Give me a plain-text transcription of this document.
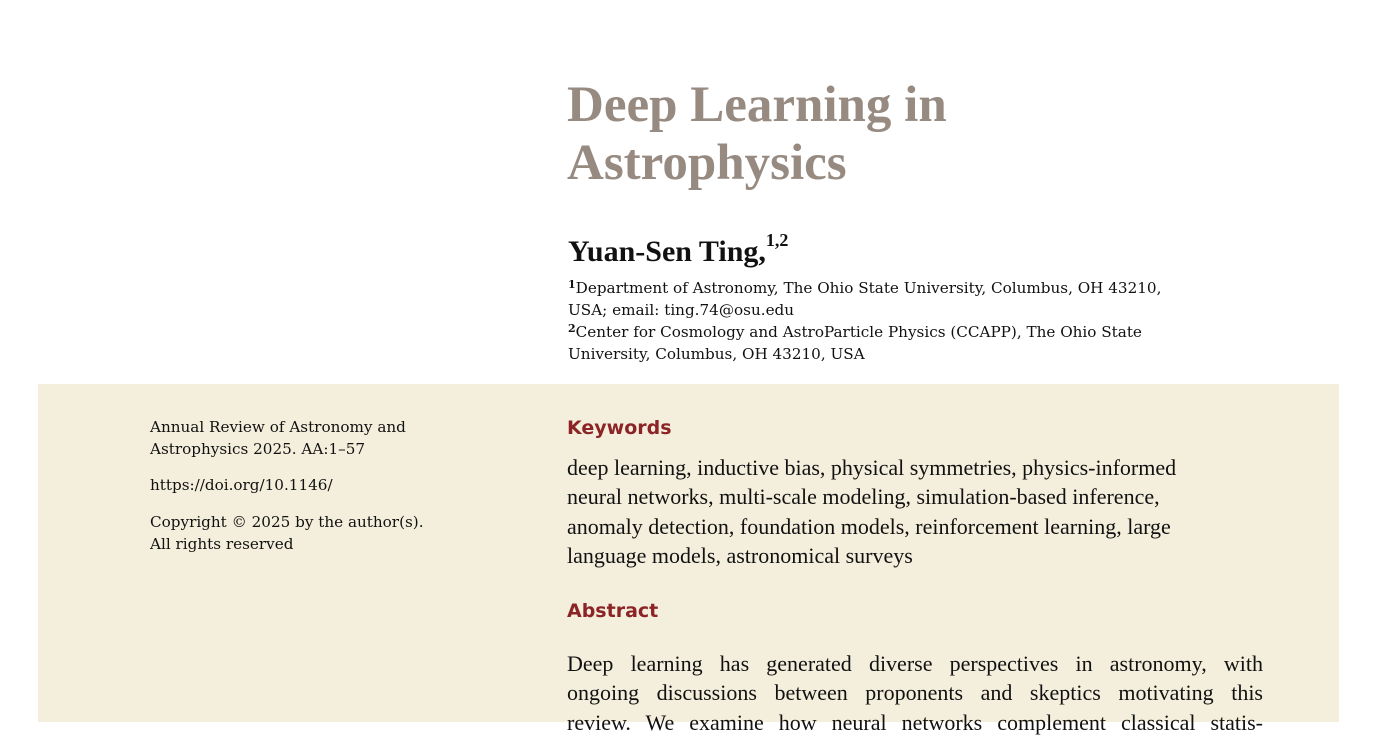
Deep Learning in
Astrophysics
Yuan-Sen Ting,$^{1,2}$
$^1$Department of Astronomy, The Ohio State University, Columbus, OH 43210,
USA; email: ting.74@osu.edu
$^2$Center for Cosmology and AstroParticle Physics (CCAPP), The Ohio State
University, Columbus, OH 43210, USA
Annual Review of Astronomy and
Astrophysics 2025. AA:1–57
https://doi.org/10.1146/
Copyright © 2025 by the author(s).
All rights reserved
Keywords
deep learning, inductive bias, physical symmetries, physics-informed
neural networks, multi-scale modeling, simulation-based inference,
anomaly detection, foundation models, reinforcement learning, large
language models, astronomical surveys
Abstract
Deep learning has generated diverse perspectives in astronomy, with
ongoing discussions between proponents and skeptics motivating this
review. We examine how neural networks complement classical statis-
